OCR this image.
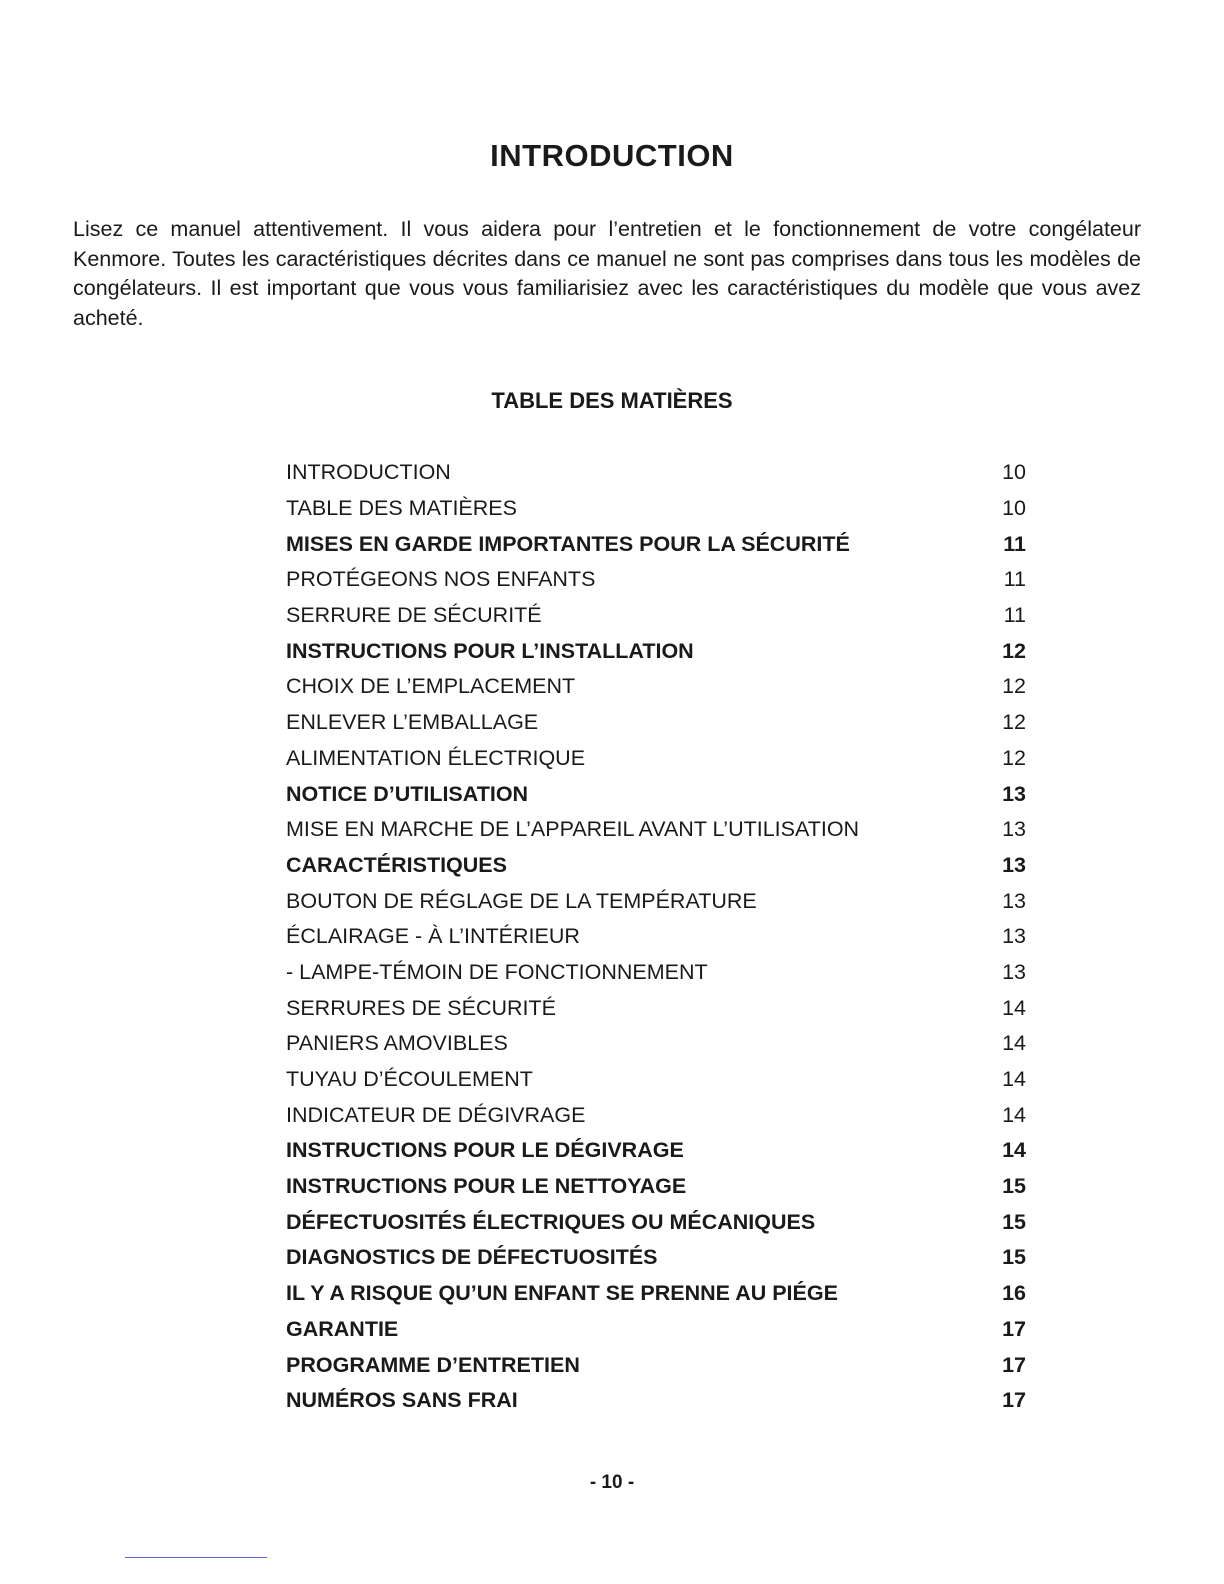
INTRODUCTION

Lisez ce manuel attentivement. Il vous aidera pour l’entretien et le fonctionnement de votre congélateur Kenmore. Toutes les caractéristiques décrites dans ce manuel ne sont pas comprises dans tous les modèles de congélateurs. Il est important que vous vous familiarisiez avec les caractéristiques du modèle que vous avez acheté.

TABLE DES MATIÈRES
INTRODUCTION	10
TABLE DES MATIÈRES	10
MISES EN GARDE IMPORTANTES POUR LA SÉCURITÉ	11
PROTÉGEONS NOS ENFANTS	11
SERRURE DE SÉCURITÉ	11
INSTRUCTIONS POUR L’INSTALLATION	12
CHOIX DE L’EMPLACEMENT	12
ENLEVER L’EMBALLAGE	12
ALIMENTATION ÉLECTRIQUE	12
NOTICE D’UTILISATION	13
MISE EN MARCHE DE L’APPAREIL AVANT L’UTILISATION	13
CARACTÉRISTIQUES	13
BOUTON DE RÉGLAGE DE LA TEMPÉRATURE	13
ÉCLAIRAGE - À L’INTÉRIEUR	13
- LAMPE-TÉMOIN DE FONCTIONNEMENT	13
SERRURES DE SÉCURITÉ	14
PANIERS AMOVIBLES	14
TUYAU D’ÉCOULEMENT	14
INDICATEUR DE DÉGIVRAGE	14
INSTRUCTIONS POUR LE DÉGIVRAGE	14
INSTRUCTIONS POUR LE NETTOYAGE	15
DÉFECTUOSITÉS ÉLECTRIQUES OU MÉCANIQUES	15
DIAGNOSTICS DE DÉFECTUOSITÉS	15
IL Y A RISQUE QU’UN ENFANT SE PRENNE AU PIÉGE	16
GARANTIE	17
PROGRAMME D’ENTRETIEN	17
NUMÉROS SANS FRAI	17
- 10 -
